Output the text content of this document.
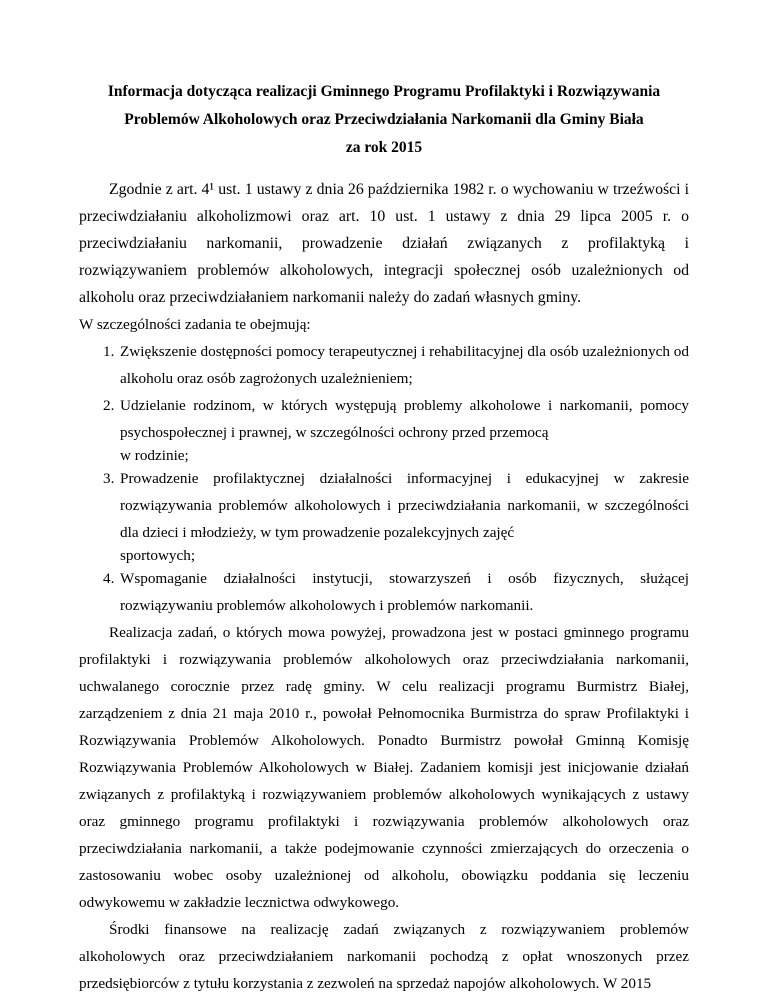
Informacja dotycząca realizacji Gminnego Programu Profilaktyki i Rozwiązywania
Problemów Alkoholowych oraz Przeciwdziałania Narkomanii dla Gminy Biała
za rok 2015

Zgodnie z art. 4¹ ust. 1 ustawy z dnia 26 października 1982 r. o wychowaniu w trzeźwości i przeciwdziałaniu alkoholizmowi oraz art. 10 ust. 1 ustawy z dnia 29 lipca 2005 r. o przeciwdziałaniu narkomanii, prowadzenie działań związanych z profilaktyką i rozwiązywaniem problemów alkoholowych, integracji społecznej osób uzależnionych od alkoholu oraz przeciwdziałaniem narkomanii należy do zadań własnych gminy.

W szczególności zadania te obejmują:

1. Zwiększenie dostępności pomocy terapeutycznej i rehabilitacyjnej dla osób uzależnionych od alkoholu oraz osób zagrożonych uzależnieniem;
2. Udzielanie rodzinom, w których występują problemy alkoholowe i narkomanii, pomocy psychospołecznej i prawnej, w szczególności ochrony przed przemocą
w rodzinie;
3. Prowadzenie profilaktycznej działalności informacyjnej i edukacyjnej w zakresie rozwiązywania problemów alkoholowych i przeciwdziałania narkomanii, w szczególności dla dzieci i młodzieży, w tym prowadzenie pozalekcyjnych zajęć
sportowych;
4. Wspomaganie działalności instytucji, stowarzyszeń i osób fizycznych, służącej rozwiązywaniu problemów alkoholowych i problemów narkomanii.

Realizacja zadań, o których mowa powyżej, prowadzona jest w postaci gminnego programu profilaktyki i rozwiązywania problemów alkoholowych oraz przeciwdziałania narkomanii, uchwalanego corocznie przez radę gminy. W celu realizacji programu Burmistrz Białej, zarządzeniem z dnia 21 maja 2010 r., powołał Pełnomocnika Burmistrza do spraw Profilaktyki i Rozwiązywania Problemów Alkoholowych. Ponadto Burmistrz powołał Gminną Komisję Rozwiązywania Problemów Alkoholowych w Białej. Zadaniem komisji jest inicjowanie działań związanych z profilaktyką i rozwiązywaniem problemów alkoholowych wynikających z ustawy oraz gminnego programu profilaktyki i rozwiązywania problemów alkoholowych oraz przeciwdziałania narkomanii, a także podejmowanie czynności zmierzających do orzeczenia o zastosowaniu wobec osoby uzależnionej od alkoholu, obowiązku poddania się leczeniu odwykowemu w zakładzie lecznictwa odwykowego.

Środki finansowe na realizację zadań związanych z rozwiązywaniem problemów alkoholowych oraz przeciwdziałaniem narkomanii pochodzą z opłat wnoszonych przez przedsiębiorców z tytułu korzystania z zezwoleń na sprzedaż napojów alkoholowych. W 2015
